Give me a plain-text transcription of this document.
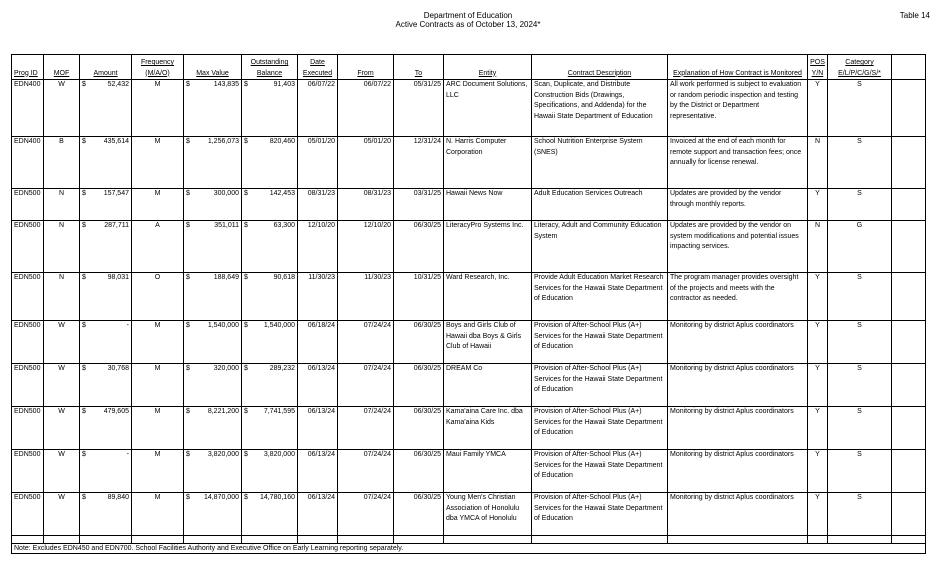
Department of Education
Active Contracts as of October 13, 2024*
Table 14
Prog ID	MOF	Amount	Frequency (M/A/O)	Max Value	Outstanding Balance	Date Executed	From	To	Entity	Contract Description	Explanation of How Contract is Monitored	POS Y/N	Category E/L/P/C/G/S/*	
EDN400	W	$ 52,432	M	$ 143,835	$ 91,403	06/07/22	06/07/22	05/31/25	ARC Document Solutions, LLC	Scan, Duplicate, and Distribute Construction Bids (Drawings, Specifications, and Addenda) for the Hawaii State Department of Education	All work performed is subject to evaluation or random periodic inspection and testing by the District or Department representative.	Y	S	
EDN400	B	$ 435,614	M	$ 1,256,073	$ 820,460	05/01/20	05/01/20	12/31/24	N. Harris Computer Corporation	School Nutrition Enterprise System (SNES)	Invoiced at the end of each month for remote support and transaction fees; once annually for license renewal.	N	S	
EDN500	N	$ 157,547	M	$ 300,000	$ 142,453	08/31/23	08/31/23	03/31/25	Hawaii News Now	Adult Education Services Outreach	Updates are provided by the vendor through monthly reports.	Y	S	
EDN500	N	$ 287,711	A	$ 351,011	$ 63,300	12/10/20	12/10/20	06/30/25	LiteracyPro Systems Inc.	Literacy, Adult and Community Education System	Updates are provided by the vendor on system modifications and potential issues impacting services.	N	G	
EDN500	N	$ 98,031	O	$ 188,649	$ 90,618	11/30/23	11/30/23	10/31/25	Ward Research, Inc.	Provide Adult Education Market Research Services for the Hawaii State Department of Education	The program manager provides oversight of the projects and meets with the contractor as needed.	Y	S	
EDN500	W	$ -	M	$ 1,540,000	$ 1,540,000	06/18/24	07/24/24	06/30/25	Boys and Girls Club of Hawaii dba Boys & Girls Club of Hawaii	Provision of After-School Plus (A+) Services for the Hawaii State Department of Education	Monitoring by district Aplus coordinators	Y	S	
EDN500	W	$ 30,768	M	$ 320,000	$ 289,232	06/13/24	07/24/24	06/30/25	DREAM Co	Provision of After-School Plus (A+) Services for the Hawaii State Department of Education	Monitoring by district Aplus coordinators	Y	S	
EDN500	W	$ 479,605	M	$ 8,221,200	$ 7,741,595	06/13/24	07/24/24	06/30/25	Kama'aina Care Inc. dba Kama'aina Kids	Provision of After-School Plus (A+) Services for the Hawaii State Department of Education	Monitoring by district Aplus coordinators	Y	S	
EDN500	W	$ -	M	$ 3,820,000	$ 3,820,000	06/13/24	07/24/24	06/30/25	Maui Family YMCA	Provision of After-School Plus (A+) Services for the Hawaii State Department of Education	Monitoring by district Aplus coordinators	Y	S	
EDN500	W	$ 89,840	M	$ 14,870,000	$ 14,780,160	06/13/24	07/24/24	06/30/25	Young Men's Christian Association of Honolulu dba YMCA of Honolulu	Provision of After-School Plus (A+) Services for the Hawaii State Department of Education	Monitoring by district Aplus coordinators	Y	S	

Note: Excludes EDN450 and EDN700. School Facilities Authority and Executive Office on Early Learning reporting separately.														
